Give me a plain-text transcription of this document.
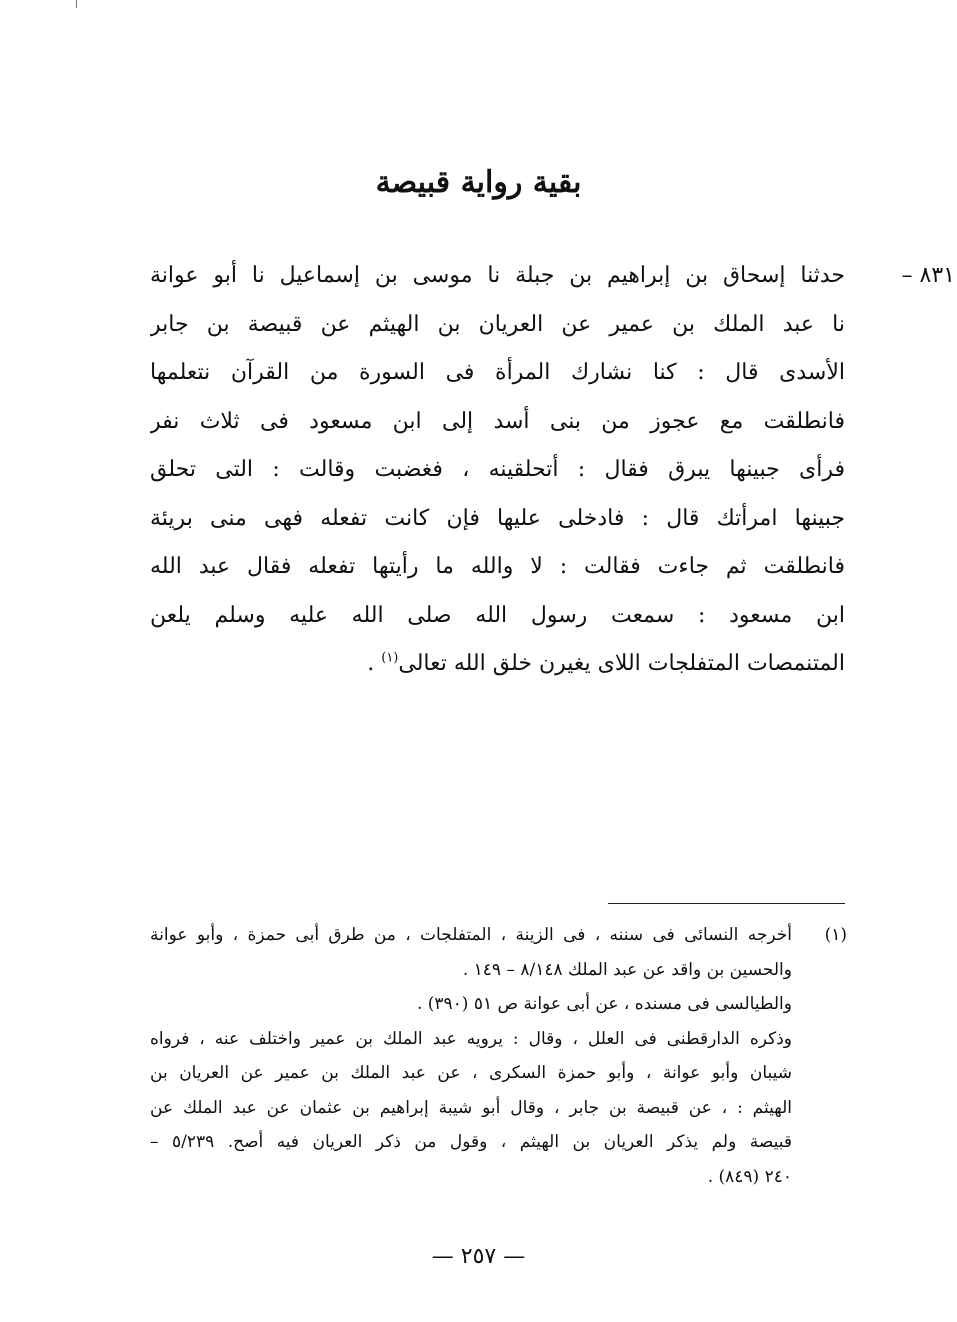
بقية رواية قبيصة
٨٣١ –
حدثنا إسحاق بن إبراهيم بن جبلة نا موسى بن إسماعيل نا أبو عوانة
نا عبد الملك بن عمير عن العريان بن الهيثم عن قبيصة بن جابر
الأسدى قال : كنا نشارك المرأة فى السورة من القرآن نتعلمها
فانطلقت مع عجوز من بنى أسد إلى ابن مسعود فى ثلاث نفر
فرأى جبينها يبرق فقال : أتحلقينه ، فغضبت وقالت : التى تحلق
جبينها امرأتك قال : فادخلى عليها فإن كانت تفعله فهى منى بريئة
فانطلقت ثم جاءت فقالت : لا والله ما رأيتها تفعله فقال عبد الله
ابن مسعود : سمعت رسول الله صلى الله عليه وسلم يلعن
المتنمصات المتفلجات اللاى يغيرن خلق الله تعالى$^{(١)}$ .
(١)
أخرجه النسائى فى سننه ، فى الزينة ، المتفلجات ، من طرق أبى حمزة ، وأبو عوانة
والحسين بن واقد عن عبد الملك ٨/١٤٨ – ١٤٩ .
والطيالسى فى مسنده ، عن أبى عوانة ص ٥١ (٣٩٠) .
وذكره الدارقطنى فى العلل ، وقال : يرويه عبد الملك بن عمير واختلف عنه ، فرواه
شيبان وأبو عوانة ، وأبو حمزة السكرى ، عن عبد الملك بن عمير عن العريان بن
الهيثم : ، عن قبيصة بن جابر ، وقال أبو شيبة إبراهيم بن عثمان عن عبد الملك عن
قبيصة ولم يذكر العريان بن الهيثم ، وقول من ذكر العريان فيه أصح. ٥/٢٣٩ –
٢٤٠ (٨٤٩) .
— ٢٥٧ —
